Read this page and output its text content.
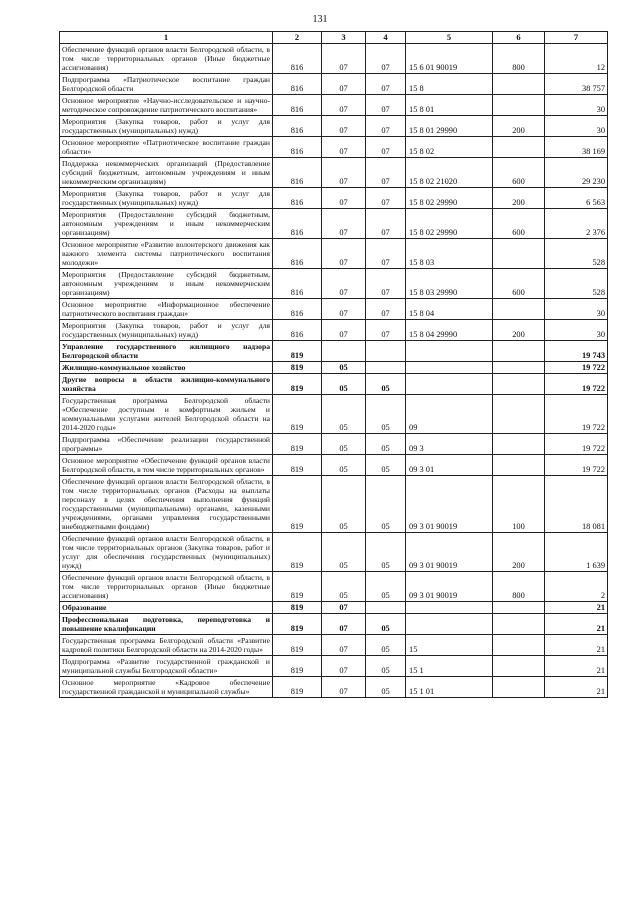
131
1	2	3	4	5	6	7
Обеспечение функций органов власти Белгородской области, в том числе территориальных органов (Иные бюджетные ассигнования)	816	07	07	15 6 01 90019	800	12
Подпрограмма «Патриотическое воспитание граждан Белгородской области	816	07	07	15 8		38 757
Основное мероприятие «Научно-исследовательское и научно-методическое сопровождение патриотического воспитания»	816	07	07	15 8 01		30
Мероприятия (Закупка товаров, работ и услуг для государственных (муниципальных) нужд)	816	07	07	15 8 01 29990	200	30
Основное мероприятие «Патриотическое воспитание граждан области»	816	07	07	15 8 02		38 169
Поддержка некоммерческих организаций (Предоставление субсидий бюджетным, автономным учреждениям и иным некоммерческим организациям)	816	07	07	15 8 02 21020	600	29 230
Мероприятия (Закупка товаров, работ и услуг для государственных (муниципальных) нужд)	816	07	07	15 8 02 29990	200	6 563
Мероприятия (Предоставление субсидий бюджетным, автономным учреждениям и иным некоммерческим организациям)	816	07	07	15 8 02 29990	600	2 376
Основное мероприятие «Развитие волонтерского движения как важного элемента системы патриотического воспитания молодежи»	816	07	07	15 8 03		528
Мероприятия (Предоставление субсидий бюджетным, автономным учреждениям и иным некоммерческим организациям)	816	07	07	15 8 03 29990	600	528
Основное мероприятие «Информационное обеспечение патриотического воспитания граждан»	816	07	07	15 8 04		30
Мероприятия (Закупка товаров, работ и услуг для государственных (муниципальных) нужд)	816	07	07	15 8 04 29990	200	30
Управление государственного жилищного надзора Белгородской области	819					19 743
Жилищно-коммунальное хозяйство	819	05				19 722
Другие вопросы в области жилищно-коммунального хозяйства	819	05	05			19 722
Государственная программа Белгородской области «Обеспечение доступным и комфортным жильем и коммунальными услугами жителей Белгородской области на 2014-2020 годы»	819	05	05	09		19 722
Подпрограмма «Обеспечение реализации государственной программы»	819	05	05	09 3		19 722
Основное мероприятие «Обеспечение функций органов власти Белгородской области, в том числе территориальных органов»	819	05	05	09 3 01		19 722
Обеспечение функций органов власти Белгородской области, в том числе территориальных органов (Расходы на выплаты персоналу в целях обеспечения выполнения функций государственными (муниципальными) органами, казенными учреждениями, органами управления государственными внебюджетными фондами)	819	05	05	09 3 01 90019	100	18 081
Обеспечение функций органов власти Белгородской области, в том числе территориальных органов (Закупка товаров, работ и услуг для обеспечения государственных (муниципальных) нужд)	819	05	05	09 3 01 90019	200	1 639
Обеспечение функций органов власти Белгородской области, в том числе территориальных органов (Иные бюджетные ассигнования)	819	05	05	09 3 01 90019	800	2
Образование	819	07				21
Профессиональная подготовка, переподготовка и повышение квалификации	819	07	05			21
Государственная программа Белгородской области «Развитие кадровой политики Белгородской области на 2014-2020 годы»	819	07	05	15		21
Подпрограмма «Развитие государственной гражданской и муниципальной службы Белгородской области»	819	07	05	15 1		21
Основное мероприятие «Кадровое обеспечение государственной гражданской и муниципальной службы»	819	07	05	15 1 01		21
